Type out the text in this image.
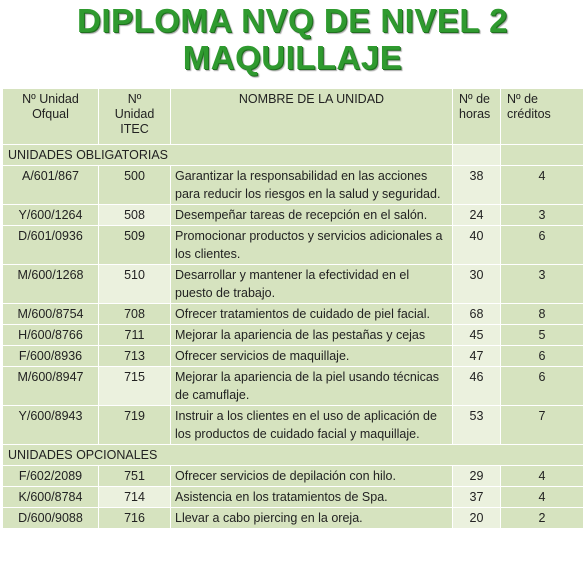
DIPLOMA NVQ DE NIVEL 2
MAQUILLAJE
Nº Unidad Ofqual	Nº Unidad ITEC	NOMBRE DE LA UNIDAD	Nº de horas	Nº de créditos
UNIDADES OBLIGATORIAS				
A/601/867	500	Garantizar la responsabilidad en las acciones para reducir los riesgos en la salud y seguridad.	38	4
Y/600/1264	508	Desempeñar tareas de recepción en el salón.	24	3
D/601/0936	509	Promocionar productos y servicios adicionales a los clientes.	40	6
M/600/1268	510	Desarrollar y mantener la efectividad en el puesto de trabajo.	30	3
M/600/8754	708	Ofrecer tratamientos de cuidado de piel facial.	68	8
H/600/8766	711	Mejorar la apariencia de las pestañas y cejas	45	5
F/600/8936	713	Ofrecer servicios de maquillaje.	47	6
M/600/8947	715	Mejorar la apariencia de la piel usando técnicas de camuflaje.	46	6
Y/600/8943	719	Instruir a los clientes en el uso de aplicación de los productos de cuidado facial y maquillaje.	53	7
UNIDADES OPCIONALES				
F/602/2089	751	Ofrecer servicios de depilación con hilo.	29	4
K/600/8784	714	Asistencia en los tratamientos de Spa.	37	4
D/600/9088	716	Llevar a cabo piercing en la oreja.	20	2
